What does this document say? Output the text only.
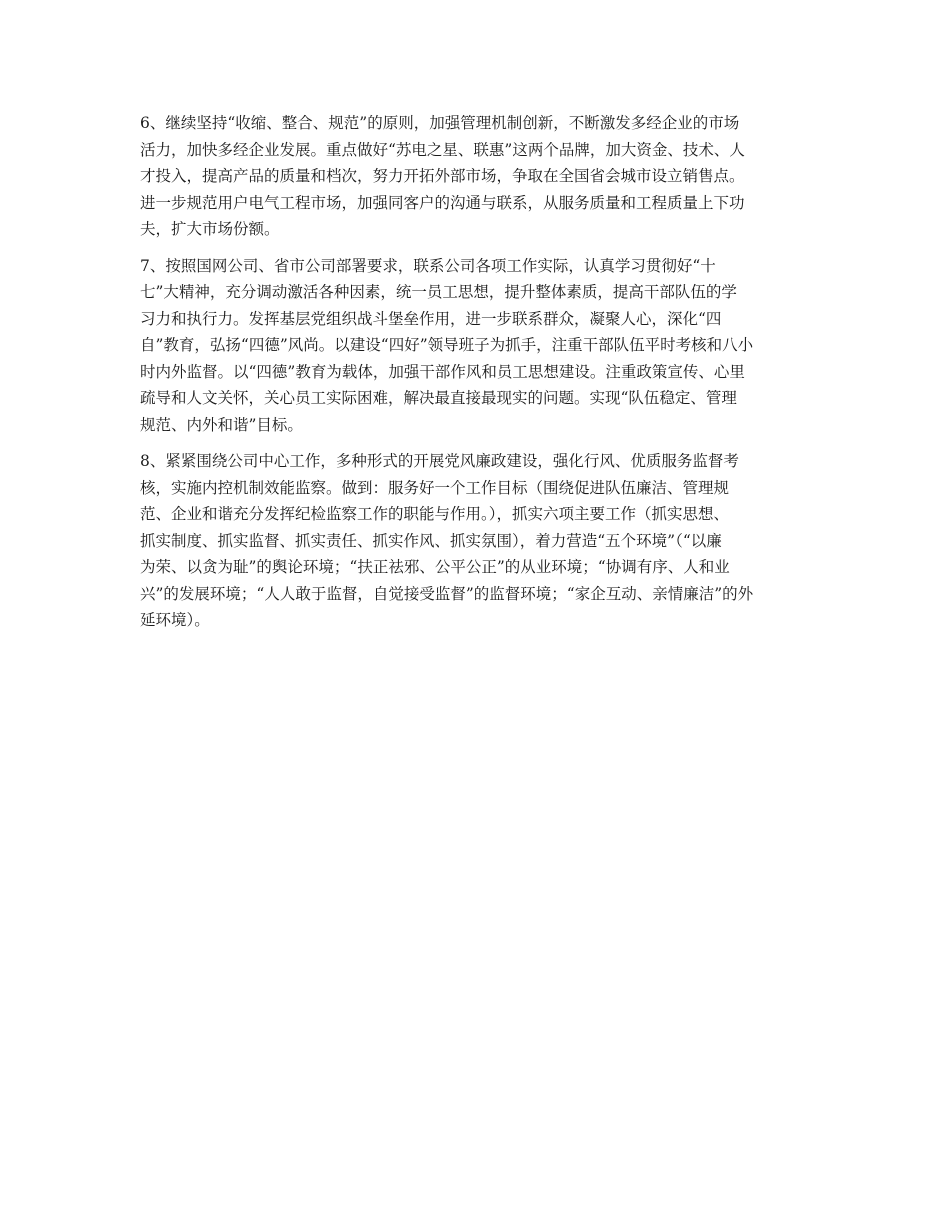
6、继续坚持“收缩、整合、规范”的原则，加强管理机制创新，不断激发多经企业的市场
活力，加快多经企业发展。重点做好“苏电之星、联惠”这两个品牌，加大资金、技术、人
才投入，提高产品的质量和档次，努力开拓外部市场，争取在全国省会城市设立销售点。
进一步规范用户电气工程市场，加强同客户的沟通与联系，从服务质量和工程质量上下功
夫，扩大市场份额。

7、按照国网公司、省市公司部署要求，联系公司各项工作实际，认真学习贯彻好“十
七”大精神，充分调动激活各种因素，统一员工思想，提升整体素质，提高干部队伍的学
习力和执行力。发挥基层党组织战斗堡垒作用，进一步联系群众，凝聚人心，深化“四
自”教育，弘扬“四德”风尚。以建设“四好”领导班子为抓手，注重干部队伍平时考核和八小
时内外监督。以“四德”教育为载体，加强干部作风和员工思想建设。注重政策宣传、心里
疏导和人文关怀，关心员工实际困难，解决最直接最现实的问题。实现“队伍稳定、管理
规范、内外和谐”目标。

8、紧紧围绕公司中心工作，多种形式的开展党风廉政建设，强化行风、优质服务监督考
核，实施内控机制效能监察。做到：服务好一个工作目标（围绕促进队伍廉洁、管理规
范、企业和谐充分发挥纪检监察工作的职能与作用。），抓实六项主要工作（抓实思想、
抓实制度、抓实监督、抓实责任、抓实作风、抓实氛围），着力营造“五个环境”（“以廉
为荣、以贪为耻”的舆论环境；“扶正祛邪、公平公正”的从业环境；“协调有序、人和业
兴”的发展环境；“人人敢于监督，自觉接受监督”的监督环境；“家企互动、亲情廉洁”的外
延环境）。
